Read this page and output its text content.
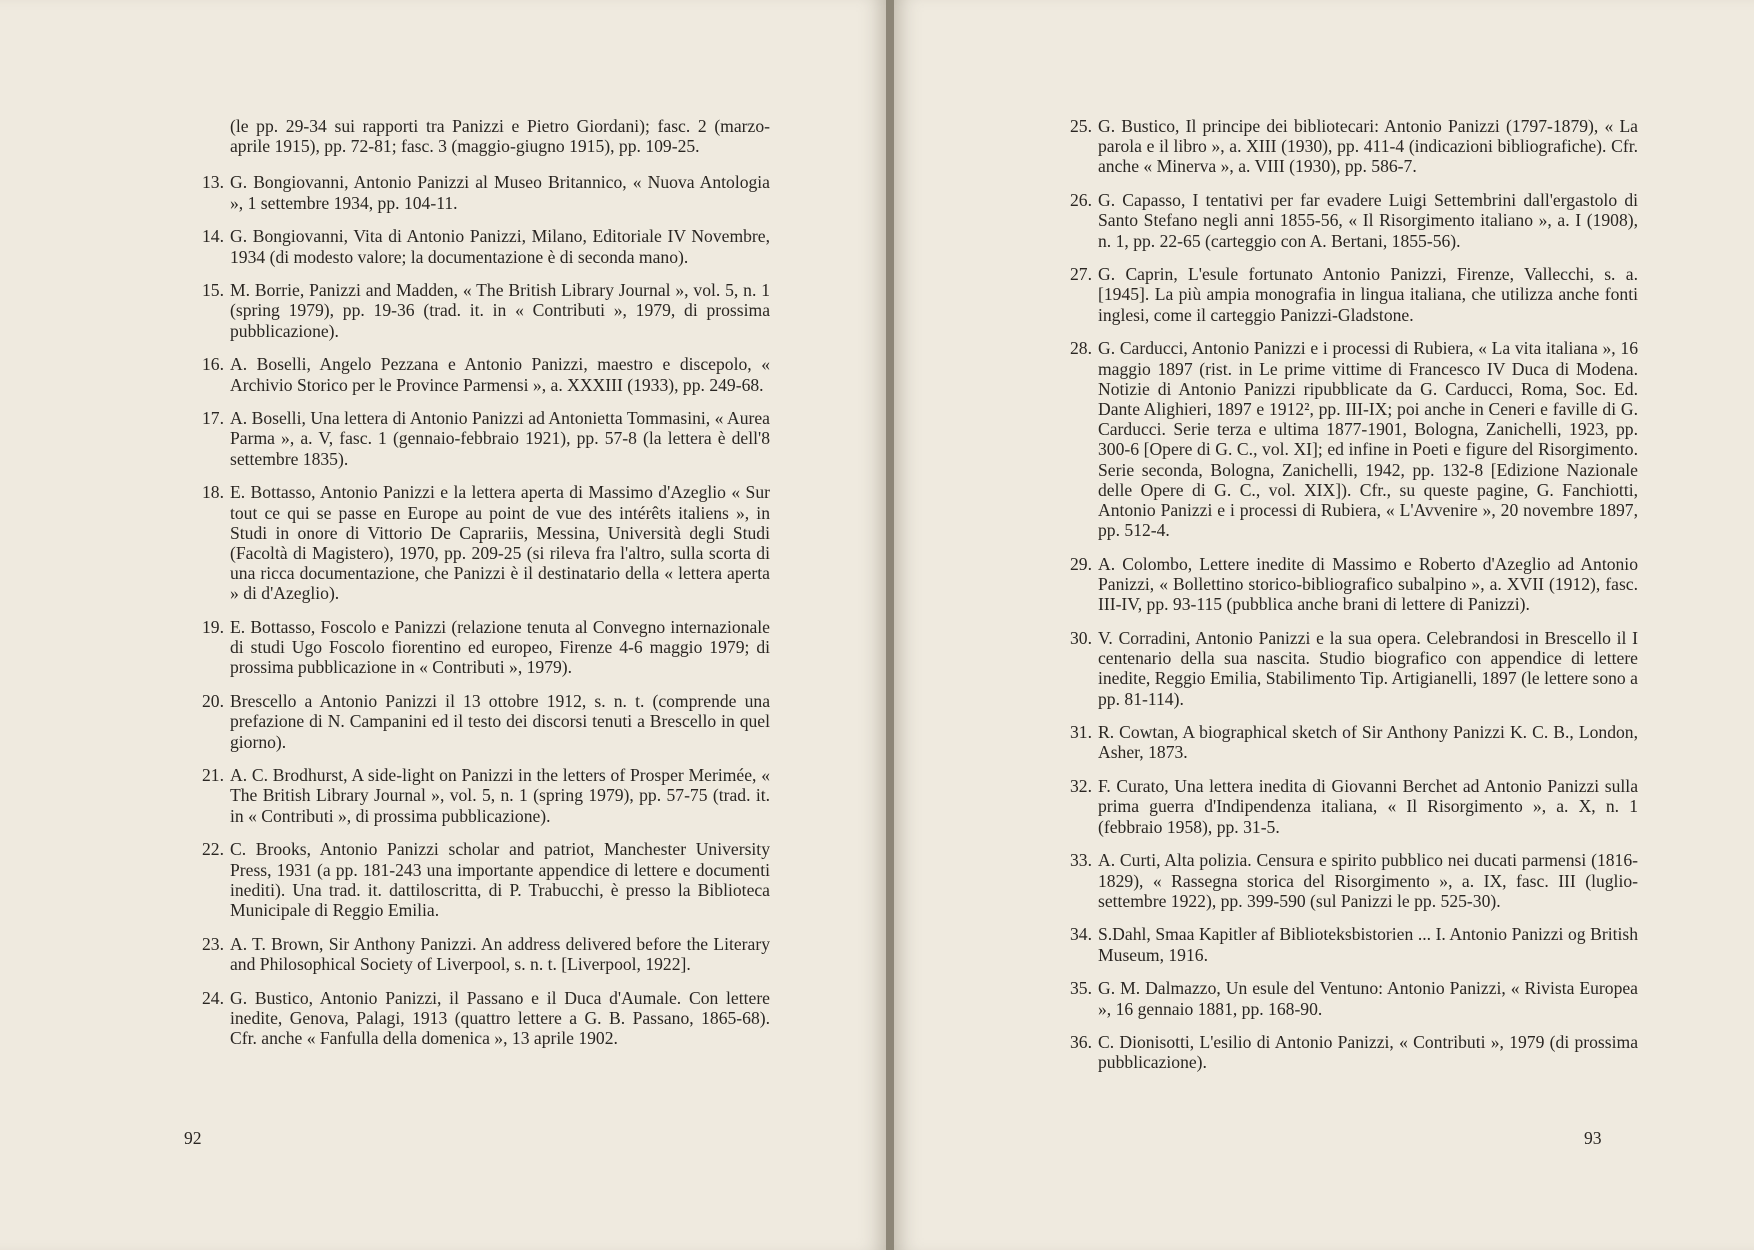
(le pp. 29-34 sui rapporti tra Panizzi e Pietro Giordani); fasc. 2 (marzo-aprile 1915), pp. 72-81; fasc. 3 (maggio-giugno 1915), pp. 109-25.
13. G. Bongiovanni, Antonio Panizzi al Museo Britannico, « Nuova Antologia », 1 settembre 1934, pp. 104-11.
14. G. Bongiovanni, Vita di Antonio Panizzi, Milano, Editoriale IV Novembre, 1934 (di modesto valore; la documentazione è di seconda mano).
15. M. Borrie, Panizzi and Madden, « The British Library Journal », vol. 5, n. 1 (spring 1979), pp. 19-36 (trad. it. in « Contributi », 1979, di prossima pubblicazione).
16. A. Boselli, Angelo Pezzana e Antonio Panizzi, maestro e discepolo, « Archivio Storico per le Province Parmensi », a. XXXIII (1933), pp. 249-68.
17. A. Boselli, Una lettera di Antonio Panizzi ad Antonietta Tommasini, « Aurea Parma », a. V, fasc. 1 (gennaio-febbraio 1921), pp. 57-8 (la lettera è dell'8 settembre 1835).
18. E. Bottasso, Antonio Panizzi e la lettera aperta di Massimo d'Azeglio « Sur tout ce qui se passe en Europe au point de vue des intérêts italiens », in Studi in onore di Vittorio De Caprariis, Messina, Università degli Studi (Facoltà di Magistero), 1970, pp. 209-25 (si rileva fra l'altro, sulla scorta di una ricca documentazione, che Panizzi è il destinatario della « lettera aperta » di d'Azeglio).
19. E. Bottasso, Foscolo e Panizzi (relazione tenuta al Convegno internazionale di studi Ugo Foscolo fiorentino ed europeo, Firenze 4-6 maggio 1979; di prossima pubblicazione in « Contributi », 1979).
20. Brescello a Antonio Panizzi il 13 ottobre 1912, s. n. t. (comprende una prefazione di N. Campanini ed il testo dei discorsi tenuti a Brescello in quel giorno).
21. A. C. Brodhurst, A side-light on Panizzi in the letters of Prosper Merimée, « The British Library Journal », vol. 5, n. 1 (spring 1979), pp. 57-75 (trad. it. in « Contributi », di prossima pubblicazione).
22. C. Brooks, Antonio Panizzi scholar and patriot, Manchester University Press, 1931 (a pp. 181-243 una importante appendice di lettere e documenti inediti). Una trad. it. dattiloscritta, di P. Trabucchi, è presso la Biblioteca Municipale di Reggio Emilia.
23. A. T. Brown, Sir Anthony Panizzi. An address delivered before the Literary and Philosophical Society of Liverpool, s. n. t. [Liverpool, 1922].
24. G. Bustico, Antonio Panizzi, il Passano e il Duca d'Aumale. Con lettere inedite, Genova, Palagi, 1913 (quattro lettere a G. B. Passano, 1865-68). Cfr. anche « Fanfulla della domenica », 13 aprile 1902.
92
25. G. Bustico, Il principe dei bibliotecari: Antonio Panizzi (1797-1879), « La parola e il libro », a. XIII (1930), pp. 411-4 (indicazioni bibliografiche). Cfr. anche « Minerva », a. VIII (1930), pp. 586-7.
26. G. Capasso, I tentativi per far evadere Luigi Settembrini dall'ergastolo di Santo Stefano negli anni 1855-56, « Il Risorgimento italiano », a. I (1908), n. 1, pp. 22-65 (carteggio con A. Bertani, 1855-56).
27. G. Caprin, L'esule fortunato Antonio Panizzi, Firenze, Vallecchi, s. a. [1945]. La più ampia monografia in lingua italiana, che utilizza anche fonti inglesi, come il carteggio Panizzi-Gladstone.
28. G. Carducci, Antonio Panizzi e i processi di Rubiera, « La vita italiana », 16 maggio 1897 (rist. in Le prime vittime di Francesco IV Duca di Modena. Notizie di Antonio Panizzi ripubblicate da G. Carducci, Roma, Soc. Ed. Dante Alighieri, 1897 e 1912², pp. III-IX; poi anche in Ceneri e faville di G. Carducci. Serie terza e ultima 1877-1901, Bologna, Zanichelli, 1923, pp. 300-6 [Opere di G. C., vol. XI]; ed infine in Poeti e figure del Risorgimento. Serie seconda, Bologna, Zanichelli, 1942, pp. 132-8 [Edizione Nazionale delle Opere di G. C., vol. XIX]). Cfr., su queste pagine, G. Fanchiotti, Antonio Panizzi e i processi di Rubiera, « L'Avvenire », 20 novembre 1897, pp. 512-4.
29. A. Colombo, Lettere inedite di Massimo e Roberto d'Azeglio ad Antonio Panizzi, « Bollettino storico-bibliografico subalpino », a. XVII (1912), fasc. III-IV, pp. 93-115 (pubblica anche brani di lettere di Panizzi).
30. V. Corradini, Antonio Panizzi e la sua opera. Celebrandosi in Brescello il I centenario della sua nascita. Studio biografico con appendice di lettere inedite, Reggio Emilia, Stabilimento Tip. Artigianelli, 1897 (le lettere sono a pp. 81-114).
31. R. Cowtan, A biographical sketch of Sir Anthony Panizzi K. C. B., London, Asher, 1873.
32. F. Curato, Una lettera inedita di Giovanni Berchet ad Antonio Panizzi sulla prima guerra d'Indipendenza italiana, « Il Risorgimento », a. X, n. 1 (febbraio 1958), pp. 31-5.
33. A. Curti, Alta polizia. Censura e spirito pubblico nei ducati parmensi (1816-1829), « Rassegna storica del Risorgimento », a. IX, fasc. III (luglio-settembre 1922), pp. 399-590 (sul Panizzi le pp. 525-30).
34. S.Dahl, Smaa Kapitler af Biblioteksbistorien ... I. Antonio Panizzi og British Museum, 1916.
35. G. M. Dalmazzo, Un esule del Ventuno: Antonio Panizzi, « Rivista Europea », 16 gennaio 1881, pp. 168-90.
36. C. Dionisotti, L'esilio di Antonio Panizzi, « Contributi », 1979 (di prossima pubblicazione).
93
